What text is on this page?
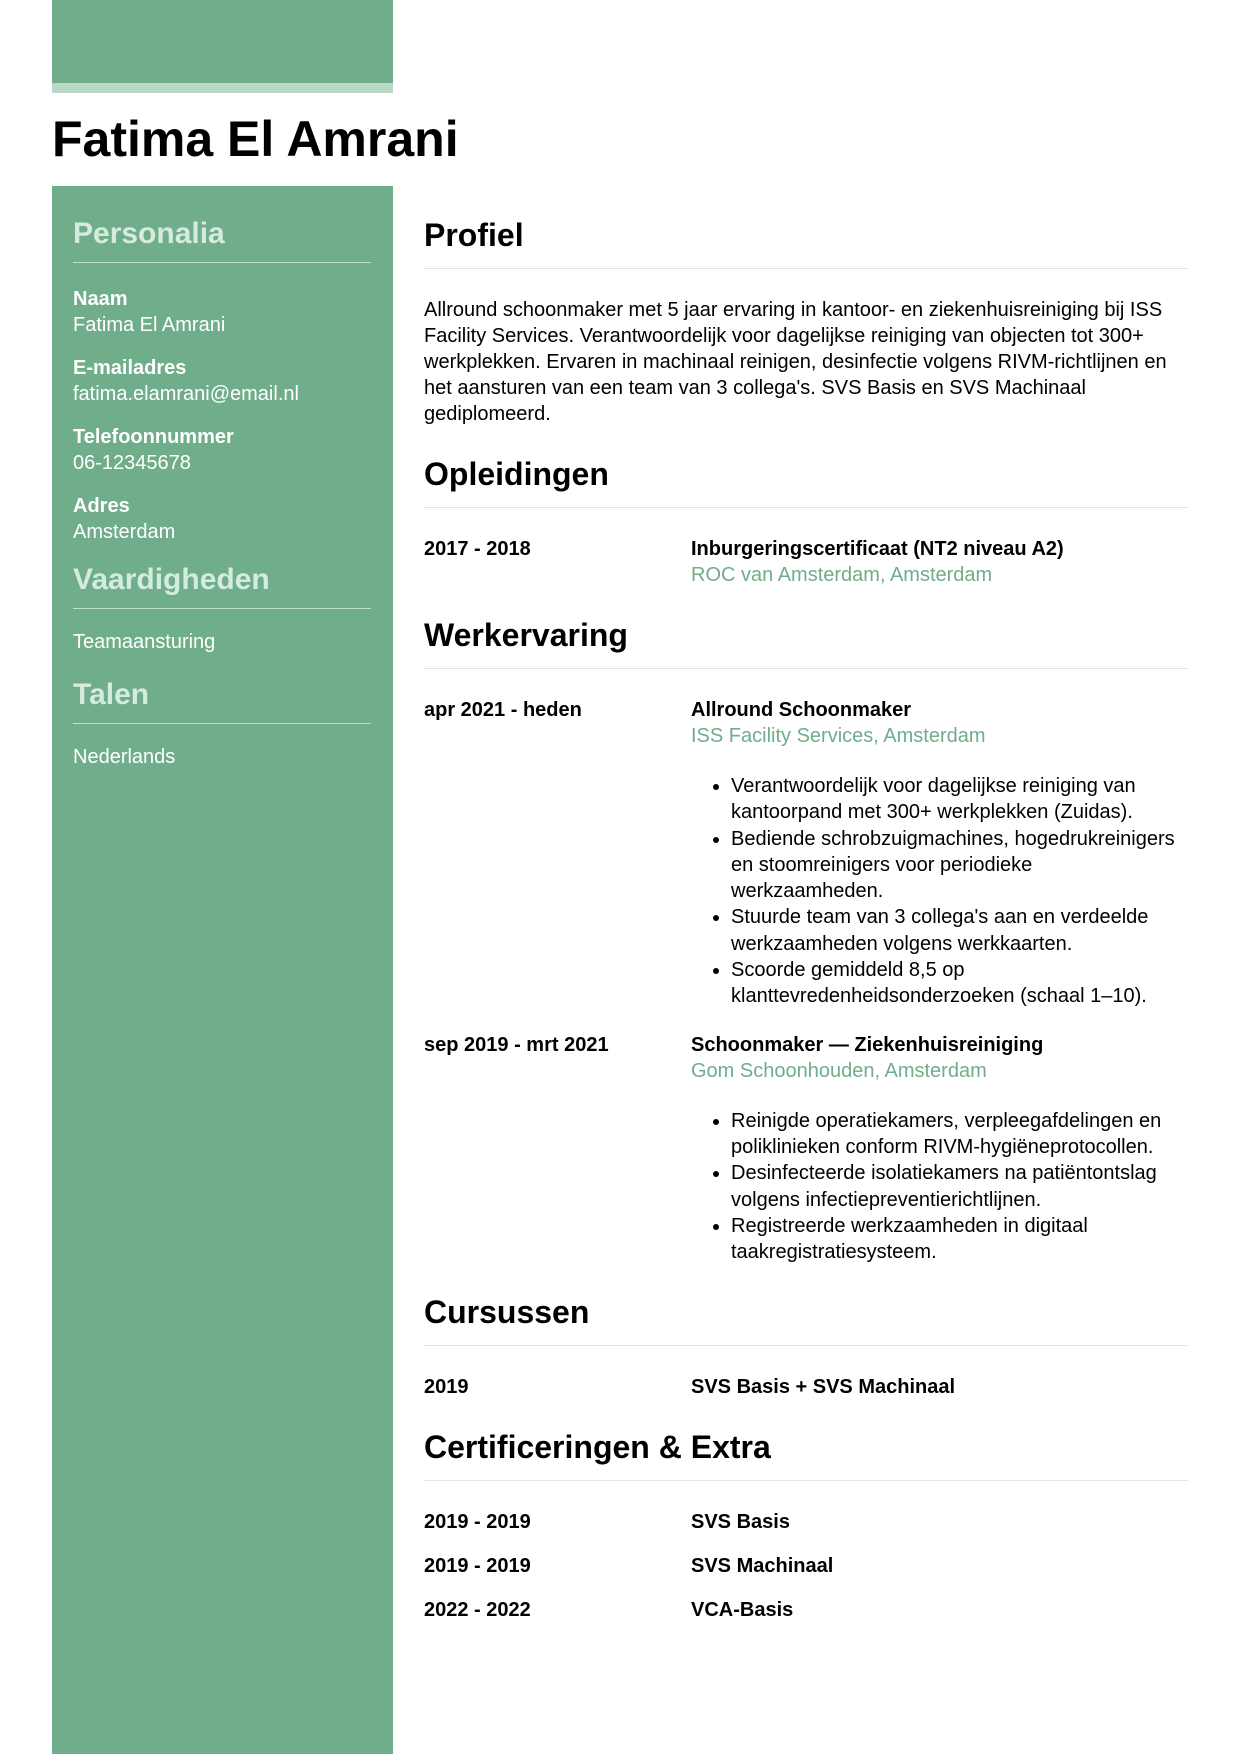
Fatima El Amrani
Personalia
Naam
Fatima El Amrani
E-mailadres
fatima.elamrani@email.nl
Telefoonnummer
06-12345678
Adres
Amsterdam
Vaardigheden
Teamaansturing
Talen
Nederlands
Profiel

Allround schoonmaker met 5 jaar ervaring in kantoor- en ziekenhuisreiniging bij ISS Facility Services. Verantwoordelijk voor dagelijkse reiniging van objecten tot 300+ werkplekken. Ervaren in machinaal reinigen, desinfectie volgens RIVM-richtlijnen en het aansturen van een team van 3 collega's. SVS Basis en SVS Machinaal gediplomeerd.

Opleidingen
2017 - 2018	Inburgeringscertificaat (NT2 niveau A2)
ROC van Amsterdam, Amsterdam
Werkervaring
apr 2021 - heden	Allround Schoonmaker
ISS Facility Services, Amsterdam
• Verantwoordelijk voor dagelijkse reiniging van kantoorpand met 300+ werkplekken (Zuidas).
• Bediende schrobzuigmachines, hogedrukreinigers en stoomreinigers voor periodieke werkzaamheden.
• Stuurde team van 3 collega's aan en verdeelde werkzaamheden volgens werkkaarten.
• Scoorde gemiddeld 8,5 op klanttevredenheidsonderzoeken (schaal 1–10).
sep 2019 - mrt 2021	Schoonmaker — Ziekenhuisreiniging
Gom Schoonhouden, Amsterdam
• Reinigde operatiekamers, verpleegafdelingen en poliklinieken conform RIVM-hygiëneprotocollen.
• Desinfecteerde isolatiekamers na patiëntontslag volgens infectiepreventierichtlijnen.
• Registreerde werkzaamheden in digitaal taakregistratiesysteem.
Cursussen
2019	SVS Basis + SVS Machinaal
Certificeringen & Extra
2019 - 2019	SVS Basis
2019 - 2019	SVS Machinaal
2022 - 2022	VCA-Basis
